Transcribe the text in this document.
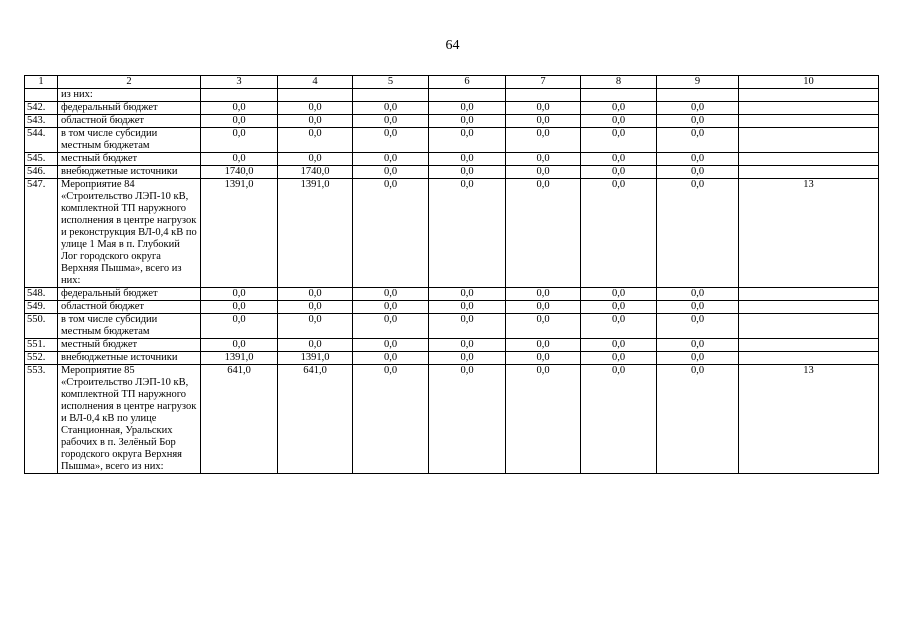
64
1	2	3	4	5	6	7	8	9	10
	из них:								
542.	федеральный бюджет	0,0	0,0	0,0	0,0	0,0	0,0	0,0	
543.	областной бюджет	0,0	0,0	0,0	0,0	0,0	0,0	0,0	
544.	в том числе субсидии местным бюджетам	0,0	0,0	0,0	0,0	0,0	0,0	0,0	
545.	местный бюджет	0,0	0,0	0,0	0,0	0,0	0,0	0,0	
546.	внебюджетные источники	1740,0	1740,0	0,0	0,0	0,0	0,0	0,0	
547.	Мероприятие 84 «Строительство ЛЭП-10 кВ, комплектной ТП наружного исполнения в центре нагрузок и реконструкция ВЛ-0,4 кВ по улице 1 Мая в п. Глубокий Лог городского округа Верхняя Пышма», всего из них:	1391,0	1391,0	0,0	0,0	0,0	0,0	0,0	13
548.	федеральный бюджет	0,0	0,0	0,0	0,0	0,0	0,0	0,0	
549.	областной бюджет	0,0	0,0	0,0	0,0	0,0	0,0	0,0	
550.	в том числе субсидии местным бюджетам	0,0	0,0	0,0	0,0	0,0	0,0	0,0	
551.	местный бюджет	0,0	0,0	0,0	0,0	0,0	0,0	0,0	
552.	внебюджетные источники	1391,0	1391,0	0,0	0,0	0,0	0,0	0,0	
553.	Мероприятие 85 «Строительство ЛЭП-10 кВ, комплектной ТП наружного исполнения в центре нагрузок и ВЛ-0,4 кВ по улице Станционная, Уральских рабочих в п. Зелёный Бор городского округа Верхняя Пышма», всего из них:	641,0	641,0	0,0	0,0	0,0	0,0	0,0	13
